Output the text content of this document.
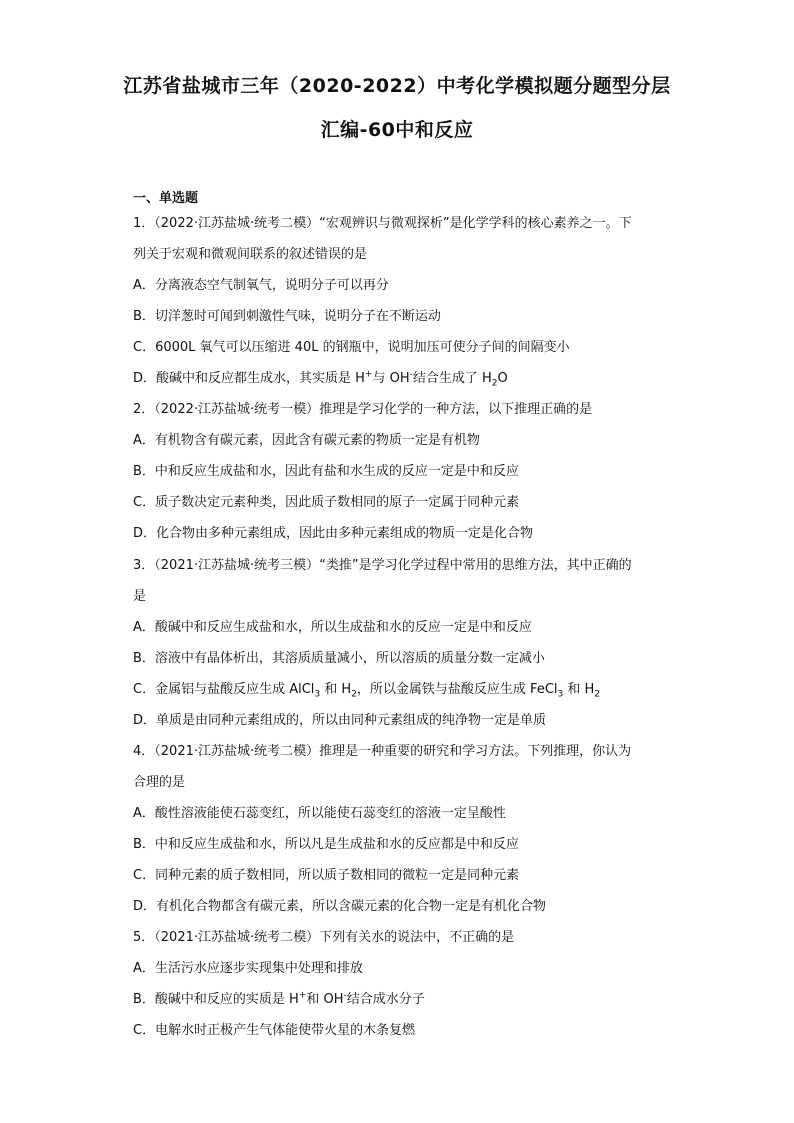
江苏省盐城市三年（2020-2022）中考化学模拟题分题型分层
汇编-60中和反应
一、单选题
1．（2022·江苏盐城·统考二模）“宏观辨识与微观探析”是化学学科的核心素养之一。下
列关于宏观和微观间联系的叙述错误的是
A．分离液态空气制氧气，说明分子可以再分
B．切洋葱时可闻到刺激性气味，说明分子在不断运动
C．6000L 氧气可以压缩进 40L 的钢瓶中，说明加压可使分子间的间隔变小
D．酸碱中和反应都生成水，其实质是 H+与 OH-结合生成了 $H_2O$
2．（2022·江苏盐城·统考一模）推理是学习化学的一种方法，以下推理正确的是
A．有机物含有碳元素，因此含有碳元素的物质一定是有机物
B．中和反应生成盐和水，因此有盐和水生成的反应一定是中和反应
C．质子数决定元素种类，因此质子数相同的原子一定属于同种元素
D．化合物由多种元素组成，因此由多种元素组成的物质一定是化合物
3．（2021·江苏盐城·统考三模）“类推”是学习化学过程中常用的思维方法，其中正确的
是
A．酸碱中和反应生成盐和水，所以生成盐和水的反应一定是中和反应
B．溶液中有晶体析出，其溶质质量减小，所以溶质的质量分数一定减小
C．金属铝与盐酸反应生成 AlCl$_3$ 和 $H_2$，所以金属铁与盐酸反应生成 FeCl$_3$ 和 $H_2$
D．单质是由同种元素组成的，所以由同种元素组成的纯净物一定是单质
4．（2021·江苏盐城·统考二模）推理是一种重要的研究和学习方法。下列推理，你认为
合理的是
A．酸性溶液能使石蕊变红，所以能使石蕊变红的溶液一定呈酸性
B．中和反应生成盐和水，所以凡是生成盐和水的反应都是中和反应
C．同种元素的质子数相同，所以质子数相同的微粒一定是同种元素
D．有机化合物都含有碳元素，所以含碳元素的化合物一定是有机化合物
5．（2021·江苏盐城·统考二模）下列有关水的说法中，不正确的是
A．生活污水应逐步实现集中处理和排放
B．酸碱中和反应的实质是 H+和 OH-结合成水分子
C．电解水时正极产生气体能使带火星的木条复燃
